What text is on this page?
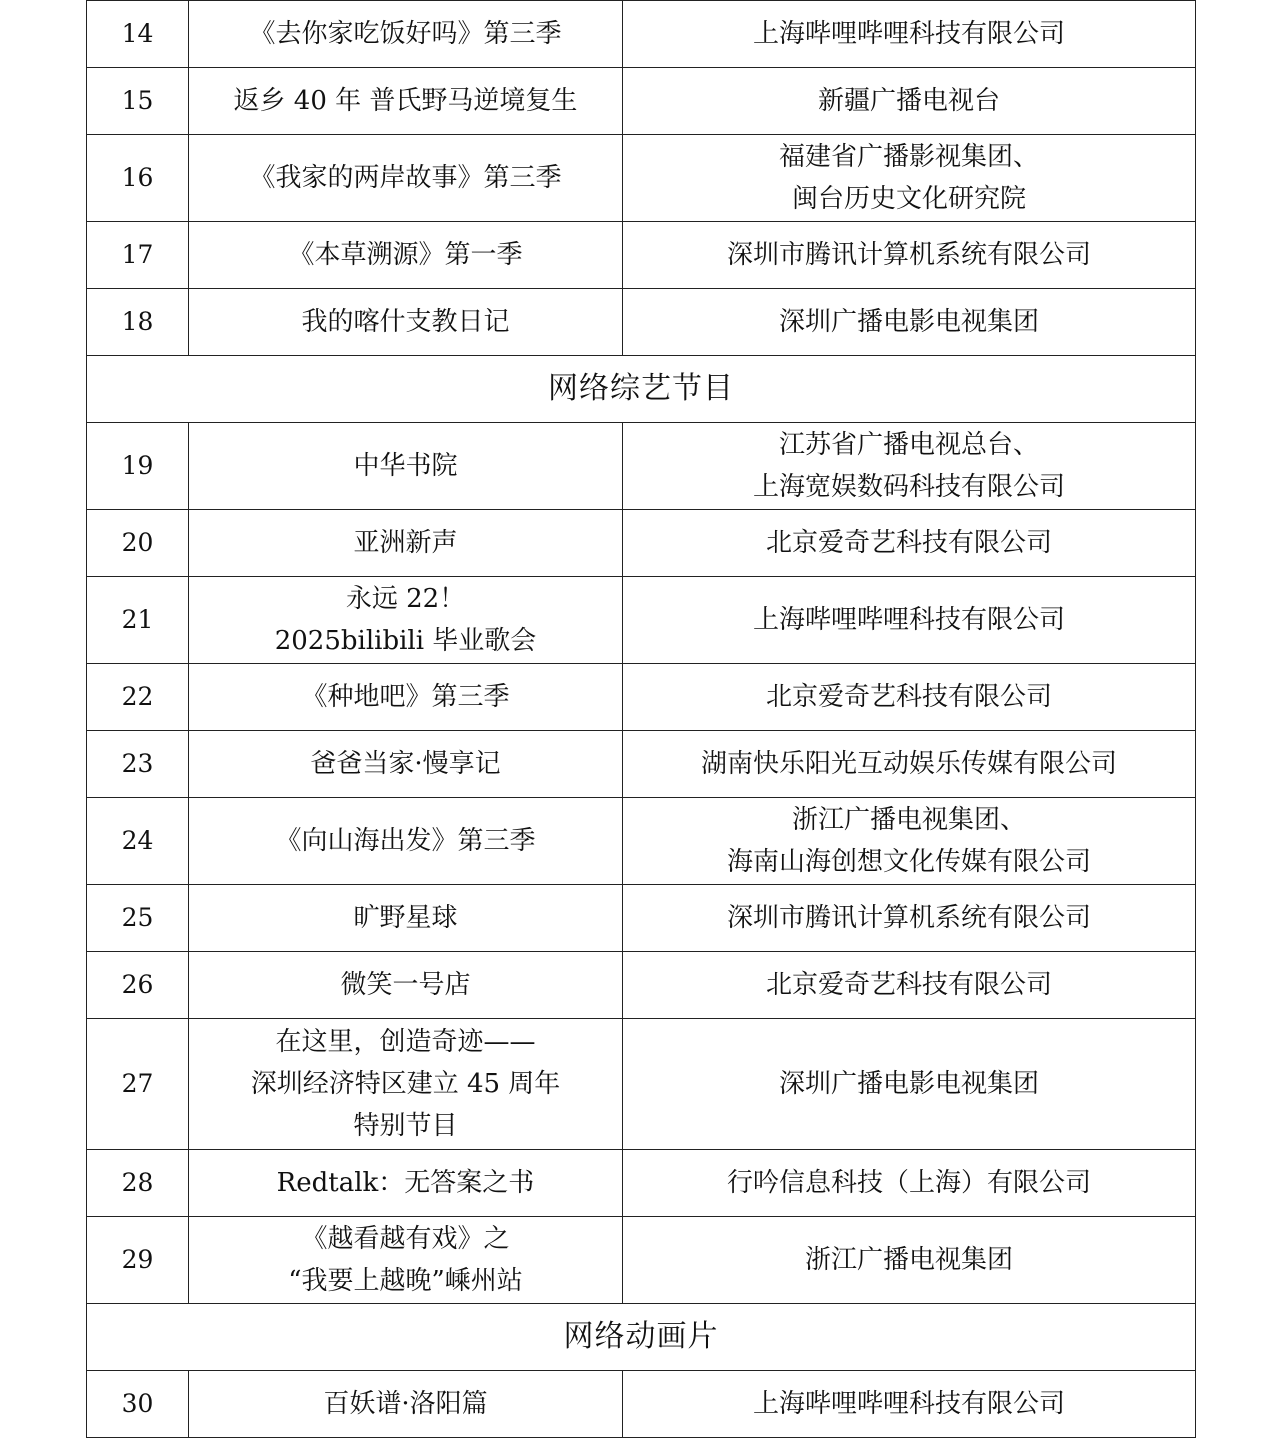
14	《去你家吃饭好吗》第三季	上海哔哩哔哩科技有限公司

15	返乡 40 年 普氏野马逆境复生	新疆广播电视台

16	《我家的两岸故事》第三季	福建省广播影视集团、
闽台历史文化研究院

17	《本草溯源》第一季	深圳市腾讯计算机系统有限公司

18	我的喀什支教日记	深圳广播电影电视集团

网络综艺节目		
19	中华书院	江苏省广播电视总台、
上海宽娱数码科技有限公司

20	亚洲新声	北京爱奇艺科技有限公司

21	永远 22！
2025bilibili 毕业歌会	上海哔哩哔哩科技有限公司

22	《种地吧》第三季	北京爱奇艺科技有限公司

23	爸爸当家·慢享记	湖南快乐阳光互动娱乐传媒有限公司

24	《向山海出发》第三季	浙江广播电视集团、
海南山海创想文化传媒有限公司

25	旷野星球	深圳市腾讯计算机系统有限公司

26	微笑一号店	北京爱奇艺科技有限公司

27	在这里，创造奇迹——
深圳经济特区建立 45 周年
特别节目	深圳广播电影电视集团

28	Redtalk：无答案之书	行吟信息科技（上海）有限公司

29	《越看越有戏》之
“我要上越晚”嵊州站	浙江广播电视集团

网络动画片		
30	百妖谱·洛阳篇	上海哔哩哔哩科技有限公司
